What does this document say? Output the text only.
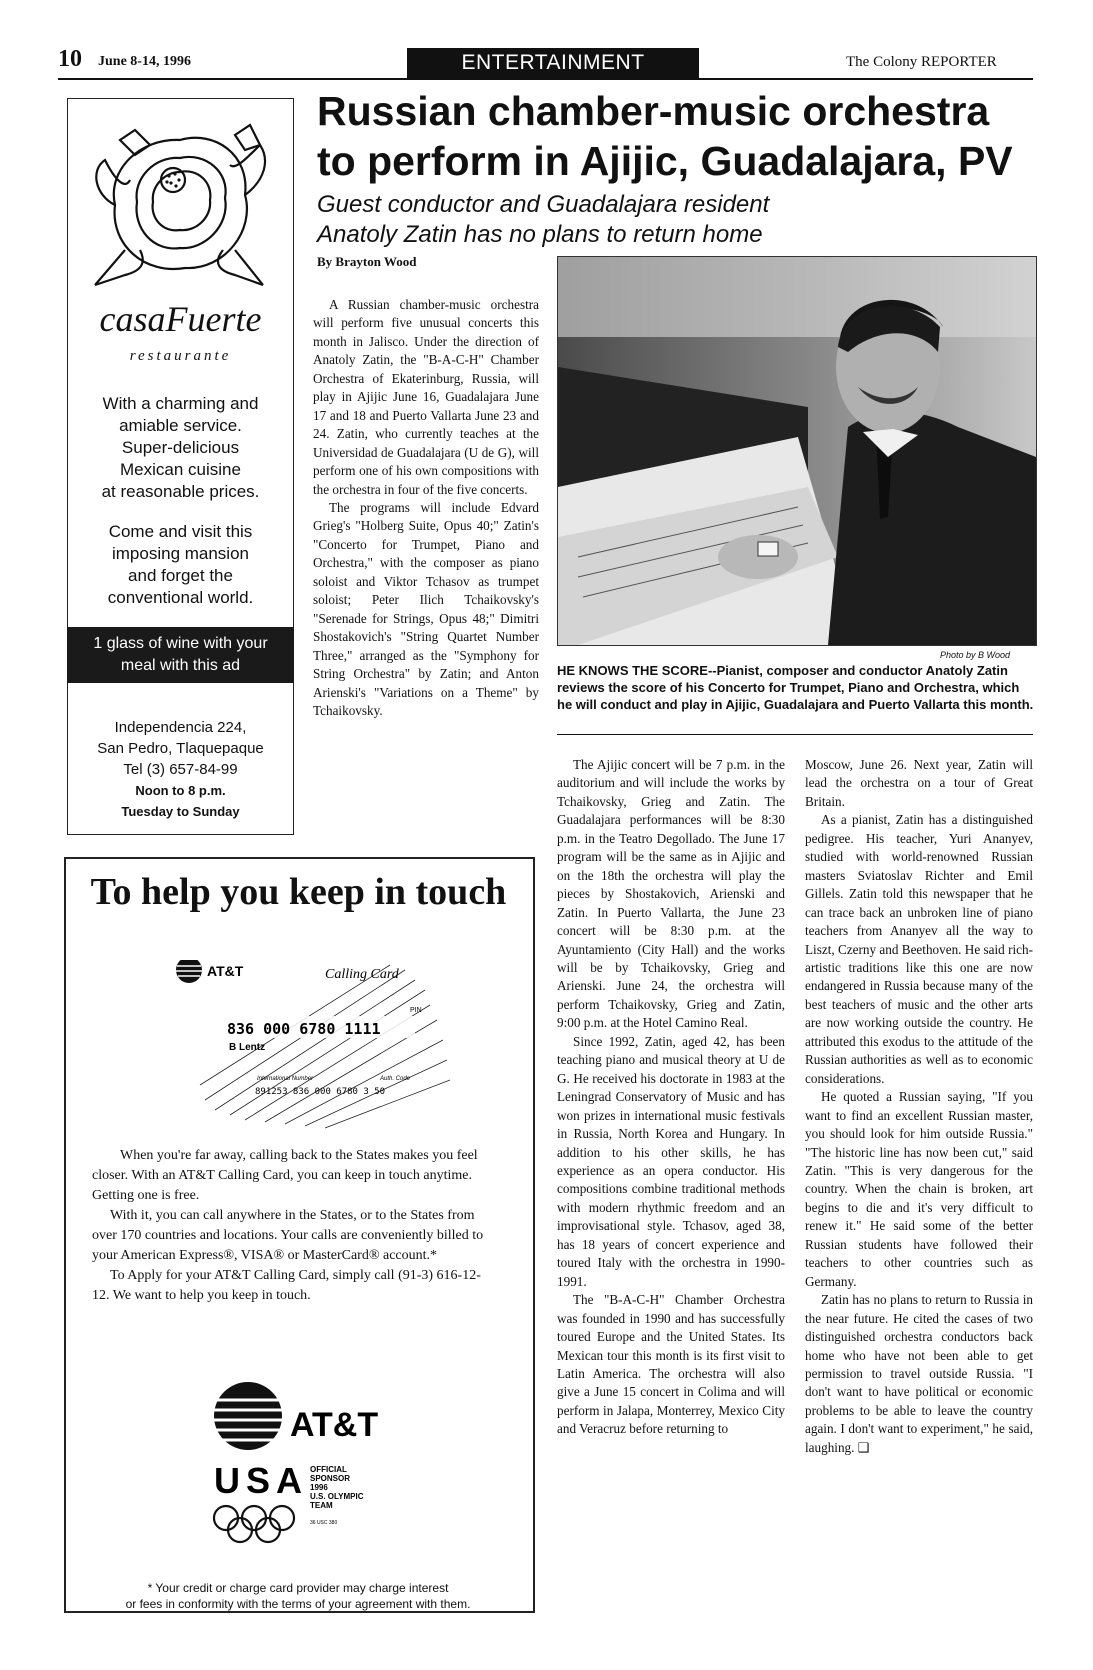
10 June 8-14, 1996	ENTERTAINMENT	The Colony REPORTER
Russian chamber-music orchestra
to perform in Ajijic, Guadalajara, PV
Guest conductor and Guadalajara resident
Anatoly Zatin has no plans to return home
By Brayton Wood
casaFuerte
restaurante
With a charming and
amiable service.
Super-delicious
Mexican cuisine
at reasonable prices.
Come and visit this
imposing mansion
and forget the
conventional world.
1 glass of wine with your
meal with this ad
Independencia 224,
San Pedro, Tlaquepaque
Tel (3) 657-84-99
Noon to 8 p.m.
Tuesday to Sunday

A Russian chamber-music orchestra will perform five unusual concerts this month in Jalisco. Under the direction of Anatoly Zatin, the "B-A-C-H" Chamber Orchestra of Ekaterinburg, Russia, will play in Ajijic June 16, Guadalajara June 17 and 18 and Puerto Vallarta June 23 and 24. Zatin, who currently teaches at the Universidad de Guadalajara (U de G), will perform one of his own compositions with the orchestra in four of the five concerts.

The programs will include Edvard Grieg's "Holberg Suite, Opus 40;" Zatin's "Concerto for Trumpet, Piano and Orchestra," with the composer as piano soloist and Viktor Tchasov as trumpet soloist; Peter Ilich Tchaikovsky's "Serenade for Strings, Opus 48;" Dimitri Shostakovich's "String Quartet Number Three," arranged as the "Symphony for String Orchestra" by Zatin; and Anton Arienski's "Variations on a Theme" by Tchaikovsky.

Photo by B Wood
HE KNOWS THE SCORE--Pianist, composer and conductor Anatoly Zatin reviews the score of his Concerto for Trumpet, Piano and Orchestra, which he will conduct and play in Ajijic, Guadalajara and Puerto Vallarta this month.

The Ajijic concert will be 7 p.m. in the auditorium and will include the works by Tchaikovsky, Grieg and Zatin. The Guadalajara performances will be 8:30 p.m. in the Teatro Degollado. The June 17 program will be the same as in Ajijic and on the 18th the orchestra will play the pieces by Shostakovich, Arienski and Zatin. In Puerto Vallarta, the June 23 concert will be 8:30 p.m. at the Ayuntamiento (City Hall) and the works will be by Tchaikovsky, Grieg and Arienski. June 24, the orchestra will perform Tchaikovsky, Grieg and Zatin, 9:00 p.m. at the Hotel Camino Real.

Since 1992, Zatin, aged 42, has been teaching piano and musical theory at U de G. He received his doctorate in 1983 at the Leningrad Conservatory of Music and has won prizes in international music festivals in Russia, North Korea and Hungary. In addition to his other skills, he has experience as an opera conductor. His compositions combine traditional methods with modern rhythmic freedom and an improvisational style. Tchasov, aged 38, has 18 years of concert experience and toured Italy with the orchestra in 1990-1991.

The "B-A-C-H" Chamber Orchestra was founded in 1990 and has successfully toured Europe and the United States. Its Mexican tour this month is its first visit to Latin America. The orchestra will also give a June 15 concert in Colima and will perform in Jalapa, Monterrey, Mexico City and Veracruz before returning to

Moscow, June 26. Next year, Zatin will lead the orchestra on a tour of Great Britain.

As a pianist, Zatin has a distinguished pedigree. His teacher, Yuri Ananyev, studied with world-renowned Russian masters Sviatoslav Richter and Emil Gillels. Zatin told this newspaper that he can trace back an unbroken line of piano teachers from Ananyev all the way to Liszt, Czerny and Beethoven. He said rich-artistic traditions like this one are now endangered in Russia because many of the best teachers of music and the other arts are now working outside the country. He attributed this exodus to the attitude of the Russian authorities as well as to economic considerations.

He quoted a Russian saying, "If you want to find an excellent Russian master, you should look for him outside Russia." "The historic line has now been cut," said Zatin. "This is very dangerous for the country. When the chain is broken, art begins to die and it's very difficult to renew it." He said some of the better Russian students have followed their teachers to other countries such as Germany.

Zatin has no plans to return to Russia in the near future. He cited the cases of two distinguished orchestra conductors back home who have not been able to get permission to travel outside Russia. "I don't want to have political or economic problems to be able to leave the country again. I don't want to experiment," he said, laughing. ❑

To help you keep in touch
AT&T	Calling Card
PIN
836 000 6780 1111
B Lentz
International Number	Auth. Code
891253 836 000 6780 3 50

When you're far away, calling back to the States makes you feel closer. With an AT&T Calling Card, you can keep in touch anytime. Getting one is free.

With it, you can call anywhere in the States, or to the States from over 170 countries and locations. Your calls are conveniently billed to your American Express®, VISA® or MasterCard® account.*

To Apply for your AT&T Calling Card, simply call (91-3) 616-12-12. We want to help you keep in touch.

AT&T
USA OFFICIAL
SPONSOR
1996
U.S. OLYMPIC
TEAM
36 USC 380
* Your credit or charge card provider may charge interest
or fees in conformity with the terms of your agreement with them.
